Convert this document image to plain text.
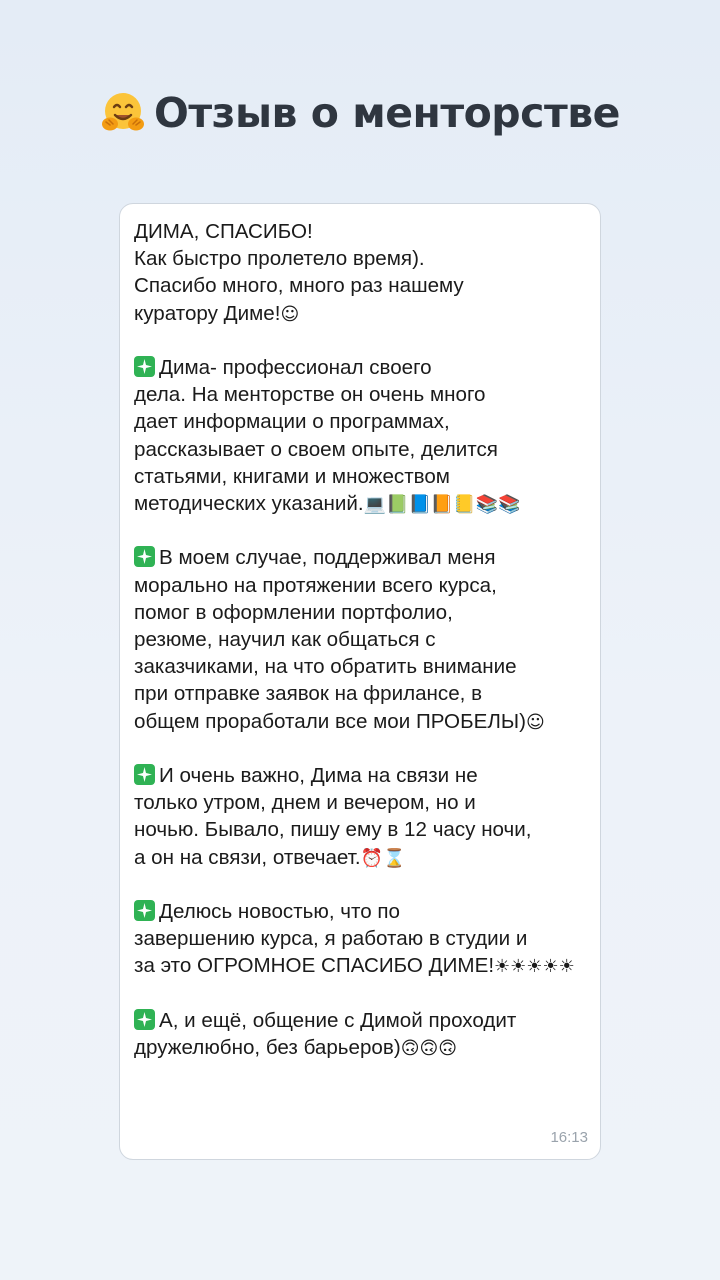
Отзыв о менторстве

ДИМА, СПАСИБО!
Как быстро пролетело время).
Спасибо много, много раз нашему
куратору Диме!☺

Дима- профессионал своего
дела. На менторстве он очень много
дает информации о программах,
рассказывает о своем опыте, делится
статьями, книгами и множеством
методических указаний.💻📗📘📙📒📚📚

В моем случае, поддерживал меня
морально на протяжении всего курса,
помог в оформлении портфолио,
резюме, научил как общаться с
заказчиками, на что обратить внимание
при отправке заявок на фрилансе, в
общем проработали все мои ПРОБЕЛЫ)☺

И очень важно, Дима на связи не
только утром, днем и вечером, но и
ночью. Бывало, пишу ему в 12 часу ночи,
а он на связи, отвечает.⏰⌛

Делюсь новостью, что по
завершению курса, я работаю в студии и
за это ОГРОМНОЕ СПАСИБО ДИМЕ!☀☀☀☀☀

А, и ещё, общение с Димой проходит
дружелюбно, без барьеров)🙃🙃🙃

16:13
